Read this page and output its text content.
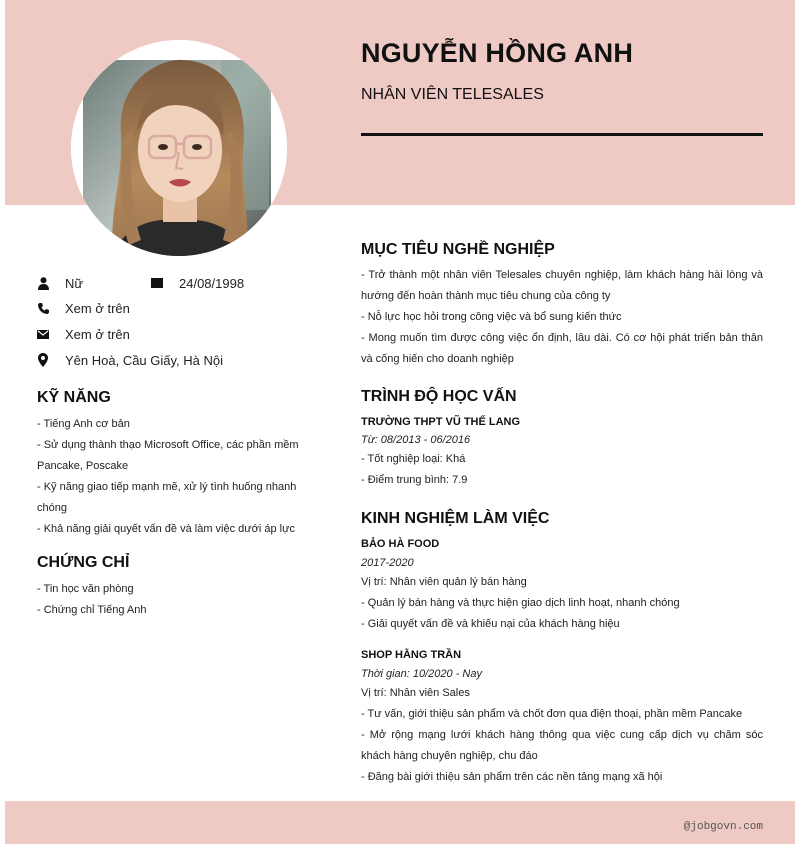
NGUYỄN HỒNG ANH
NHÂN VIÊN TELESALES
Nữ	24/08/1998
Xem ở trên
Xem ở trên
Yên Hoà, Cầu Giấy, Hà Nội
KỸ NĂNG
- Tiếng Anh cơ bản
- Sử dụng thành thạo Microsoft Office, các phần mềm Pancake, Poscake
- Kỹ năng giao tiếp mạnh mẽ, xử lý tình huống nhanh chóng
- Khả năng giải quyết vấn đề và làm việc dưới áp lực
CHỨNG CHỈ
- Tin học văn phòng
- Chứng chỉ Tiếng Anh
MỤC TIÊU NGHỀ NGHIỆP
- Trở thành một nhân viên Telesales chuyên nghiệp, làm khách hàng hài lòng và hướng đến hoàn thành mục tiêu chung của công ty
- Nỗ lực học hỏi trong công việc và bổ sung kiến thức
- Mong muốn tìm được công việc ổn định, lâu dài. Có cơ hội phát triển bản thân và cống hiến cho doanh nghiệp
TRÌNH ĐỘ HỌC VẤN
TRƯỜNG THPT VŨ THẾ LANG
Từ: 08/2013 - 06/2016
- Tốt nghiệp loại: Khá
- Điểm trung bình: 7.9
KINH NGHIỆM LÀM VIỆC
BẢO HÀ FOOD
2017-2020
Vị trí: Nhân viên quản lý bán hàng
- Quản lý bán hàng và thực hiện giao dịch linh hoạt, nhanh chóng
- Giải quyết vấn đề và khiếu nại của khách hàng hiệu
SHOP HẰNG TRẦN
Thời gian: 10/2020 - Nay
Vị trí: Nhân viên Sales
- Tư vấn, giới thiệu sản phẩm và chốt đơn qua điện thoại, phần mềm Pancake
- Mở rộng mạng lưới khách hàng thông qua việc cung cấp dịch vụ chăm sóc khách hàng chuyên nghiệp, chu đáo
- Đăng bài giới thiệu sản phẩm trên các nền tảng mạng xã hội
@jobgovn.com
